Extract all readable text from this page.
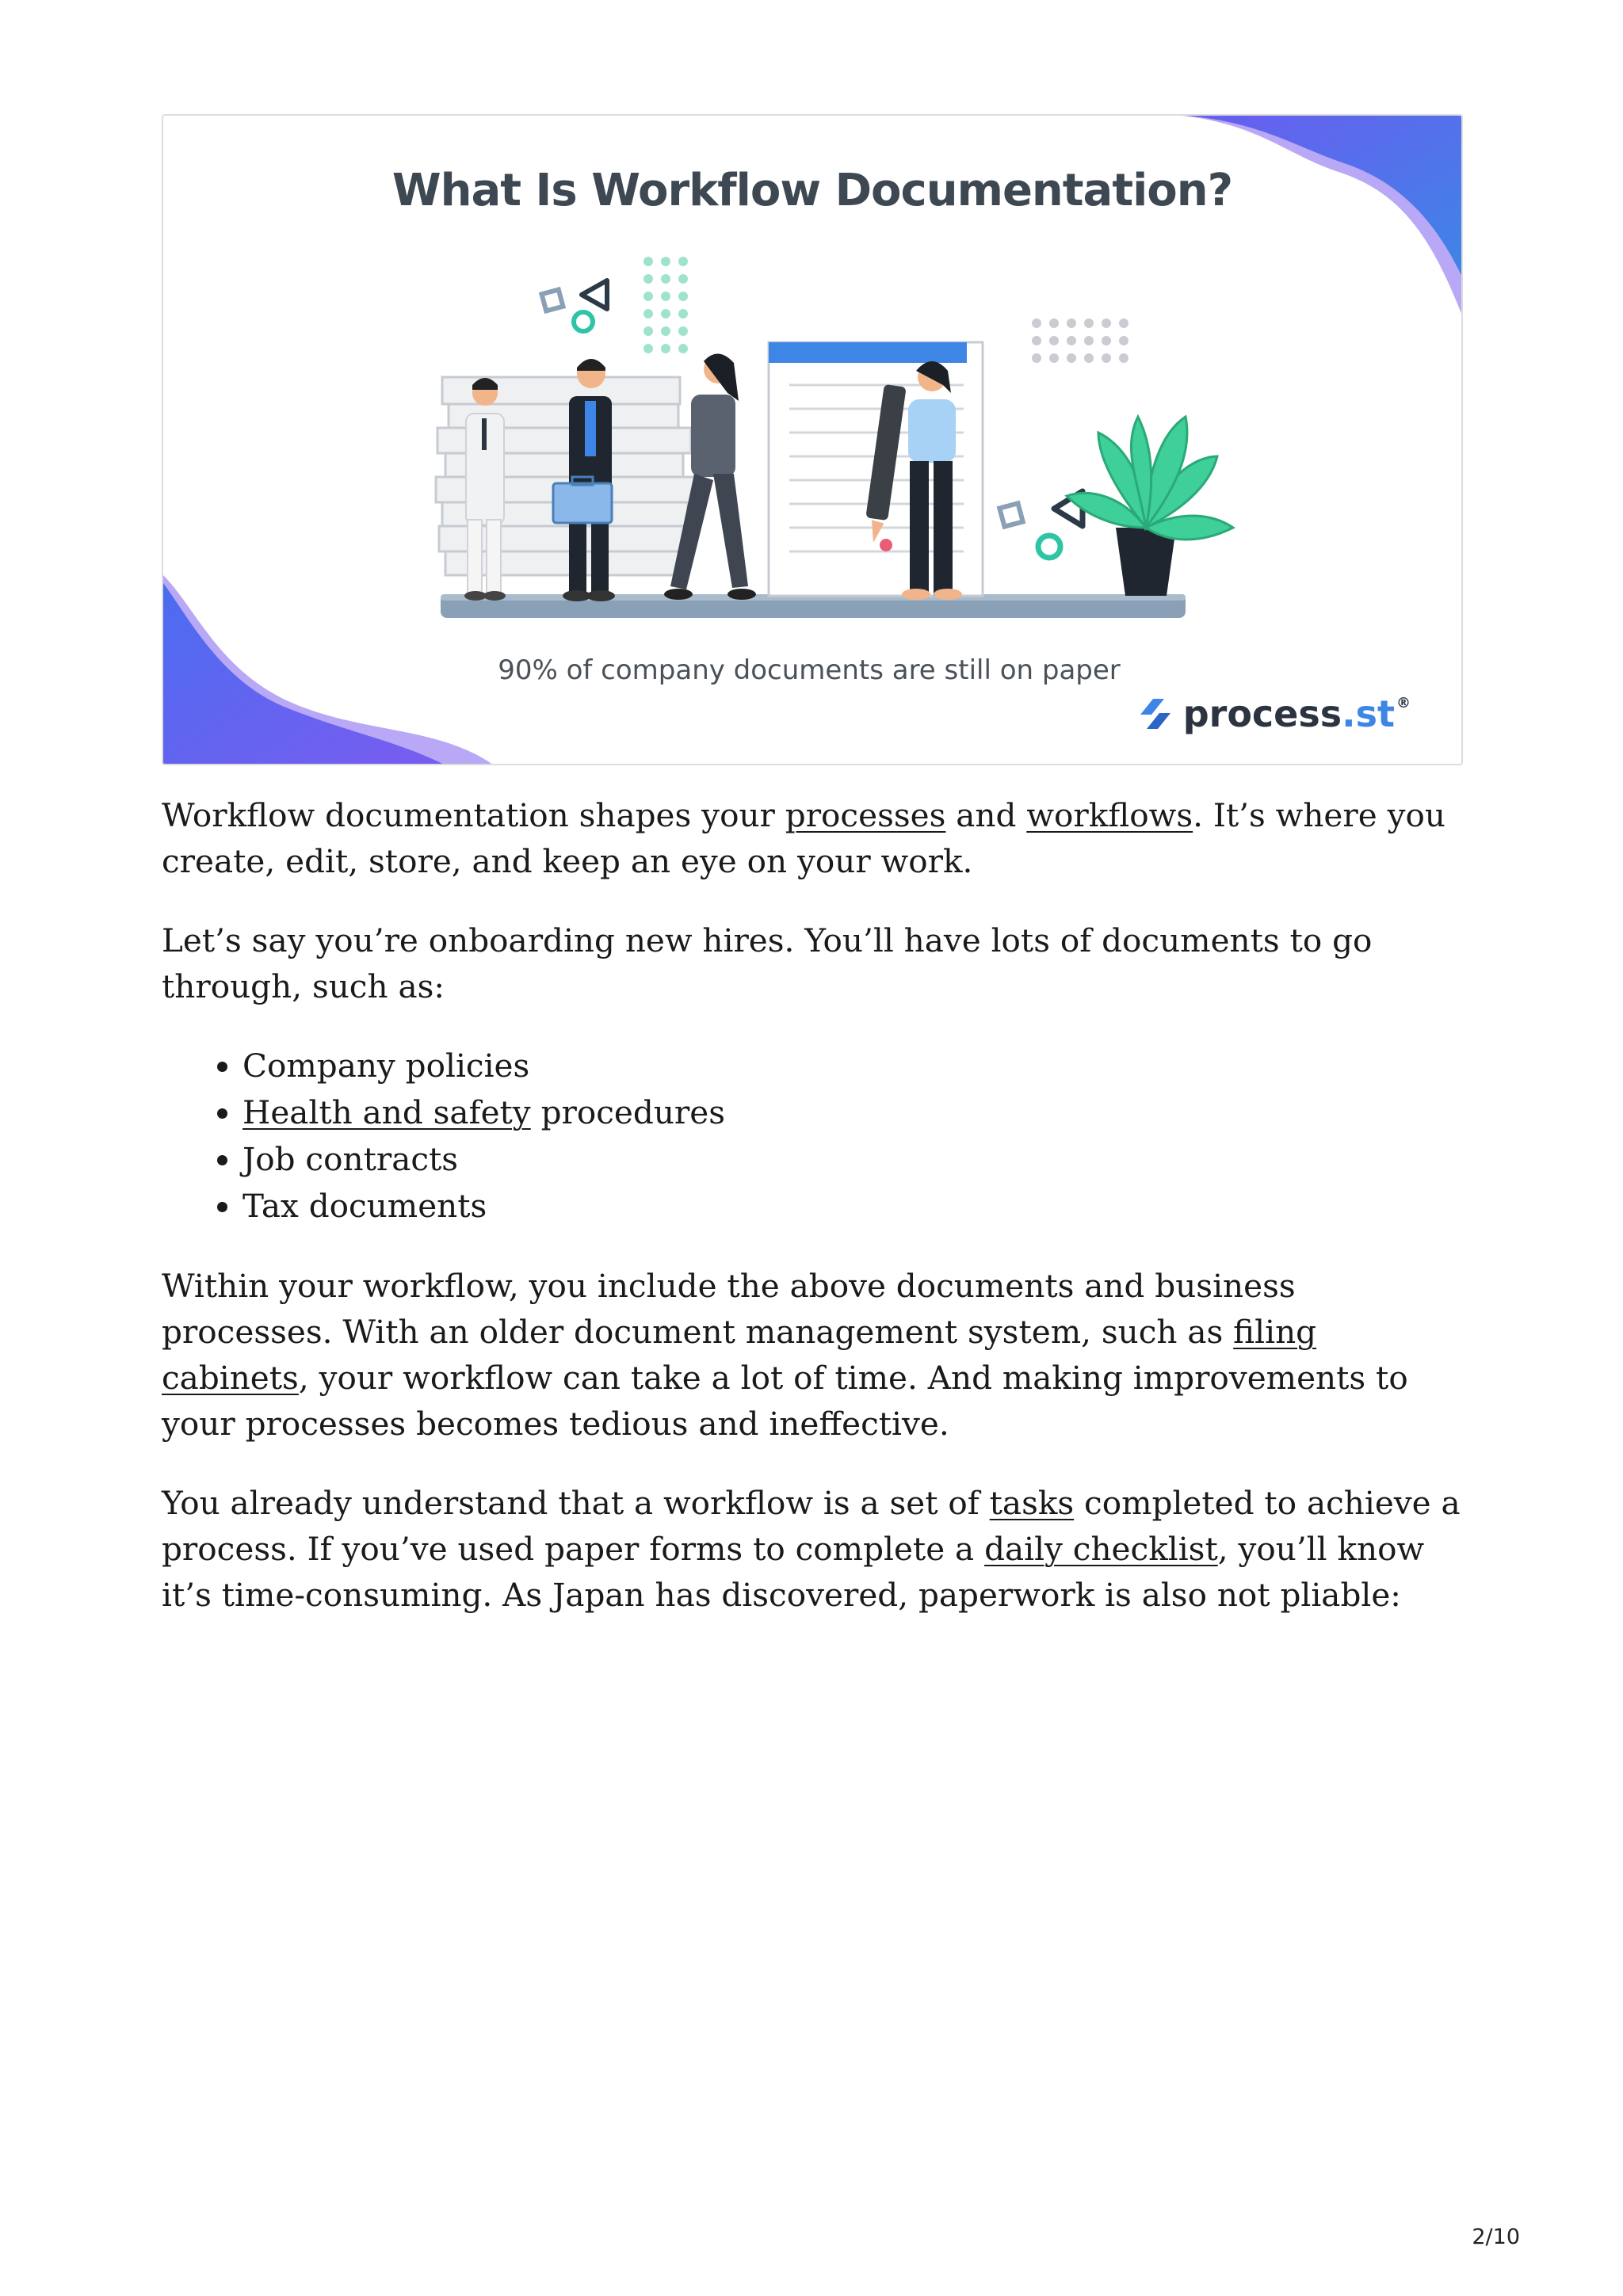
What Is Workflow Documentation?
90% of company documents are still on paper
process .st ®

Workflow documentation shapes your processes and workflows. It’s where you create, edit, store, and keep an eye on your work.

Let’s say you’re onboarding new hires. You’ll have lots of documents to go through, such as:

• Company policies
• Health and safety procedures
• Job contracts
• Tax documents

Within your workflow, you include the above documents and business processes. With an older document management system, such as filing cabinets, your workflow can take a lot of time. And making improvements to your processes becomes tedious and ineffective.

You already understand that a workflow is a set of tasks completed to achieve a process. If you’ve used paper forms to complete a daily checklist, you’ll know it’s time-consuming. As Japan has discovered, paperwork is also not pliable:

2/10
